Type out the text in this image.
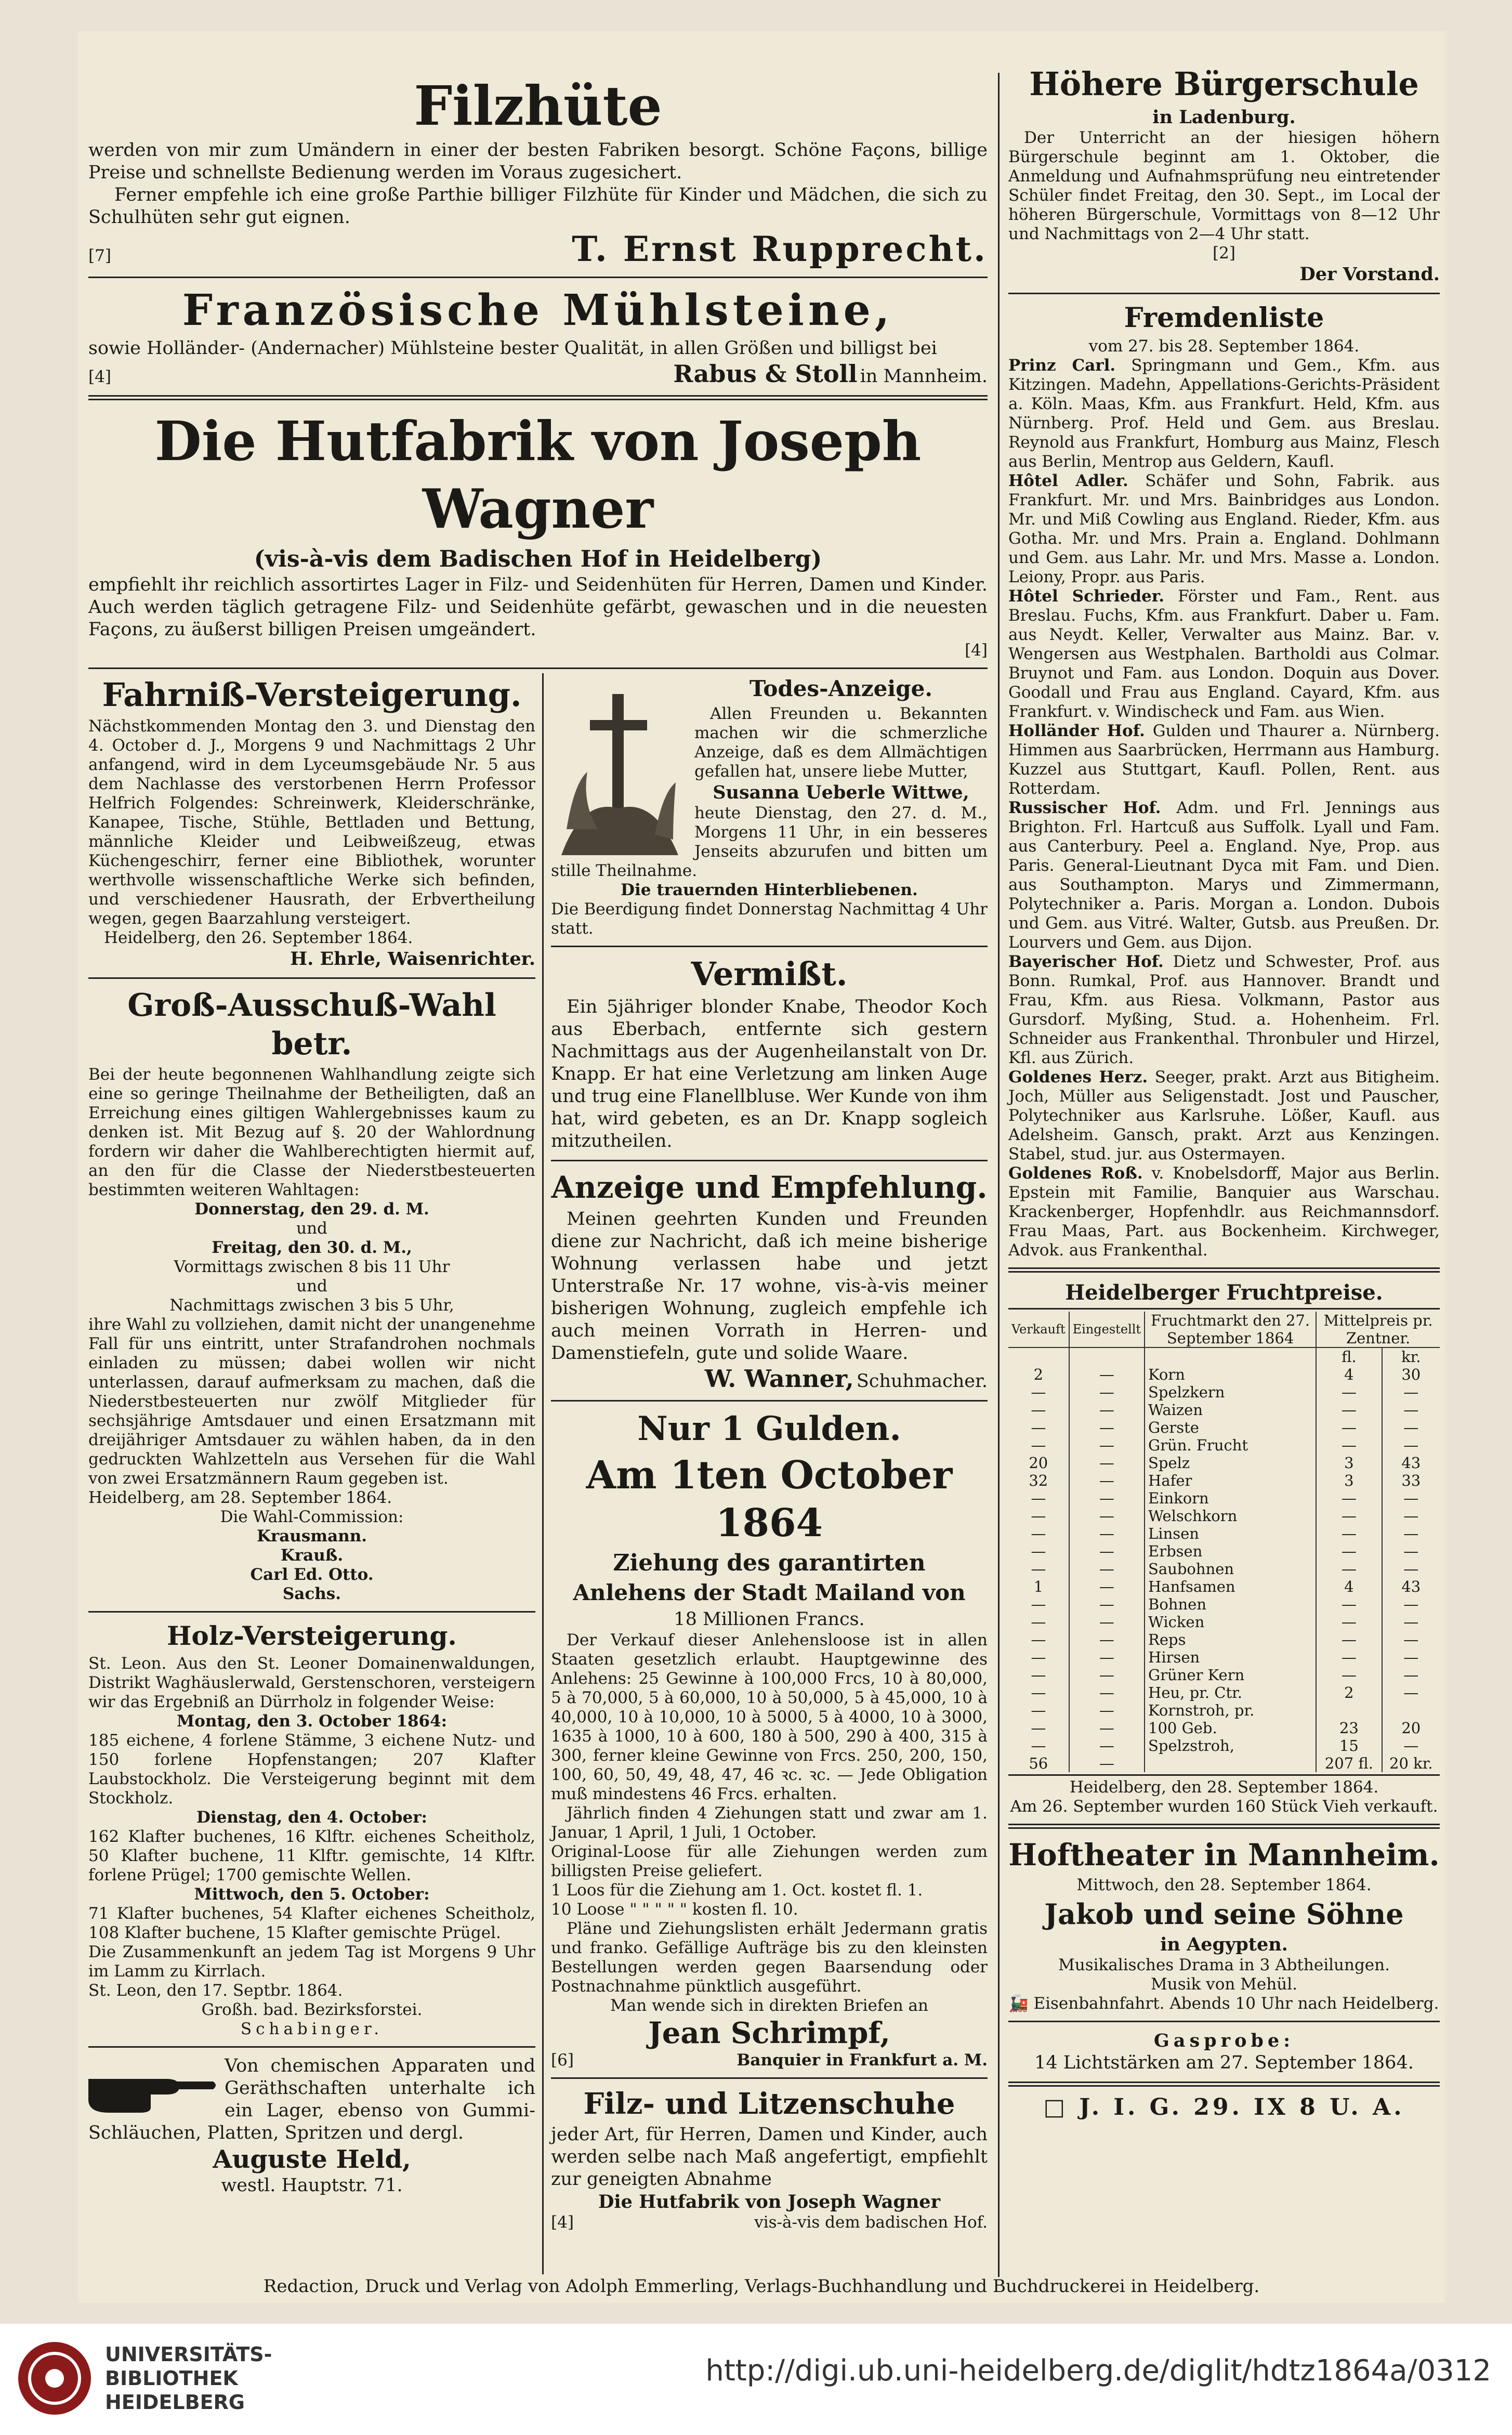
Filzhüte

werden von mir zum Umändern in einer der besten Fabriken besorgt. Schöne Façons, billige Preise und schnellste Bedienung werden im Voraus zugesichert.

Ferner empfehle ich eine große Parthie billiger Filzhüte für Kinder und Mädchen, die sich zu Schulhüten sehr gut eignen.

[7]	T. Ernst Rupprecht.
Französische Mühlsteine,

sowie Holländer- (Andernacher) Mühlsteine bester Qualität, in allen Größen und billigst bei

[4]	Rabus & Stoll in Mannheim.
Die Hutfabrik von Joseph Wagner
(vis-à-vis dem Badischen Hof in Heidelberg)

empfiehlt ihr reichlich assortirtes Lager in Filz- und Seidenhüten für Herren, Damen und Kinder. Auch werden täglich getragene Filz- und Seidenhüte gefärbt, gewaschen und in die neuesten Façons, zu äußerst billigen Preisen umgeändert.

[4]
Fahrniß-Versteigerung.

Nächstkommenden Montag den 3. und Dienstag den 4. October d. J., Morgens 9 und Nachmittags 2 Uhr anfangend, wird in dem Lyceumsgebäude Nr. 5 aus dem Nachlasse des verstorbenen Herrn Professor Helfrich Folgendes: Schreinwerk, Kleiderschränke, Kanapee, Tische, Stühle, Bettladen und Bettung, männliche Kleider und Leibweißzeug, etwas Küchengeschirr, ferner eine Bibliothek, worunter werthvolle wissenschaftliche Werke sich befinden, und verschiedener Hausrath, der Erbvertheilung wegen, gegen Baarzahlung versteigert.

Heidelberg, den 26. September 1864.

H. Ehrle, Waisenrichter.
Groß-Ausschuß-Wahl betr.

Bei der heute begonnenen Wahlhandlung zeigte sich eine so geringe Theilnahme der Betheiligten, daß an Erreichung eines giltigen Wahlergebnisses kaum zu denken ist. Mit Bezug auf §. 20 der Wahlordnung fordern wir daher die Wahlberechtigten hiermit auf, an den für die Classe der Niederstbesteuerten bestimmten weiteren Wahltagen:

Donnerstag, den 29. d. M.
und
Freitag, den 30. d. M.,
Vormittags zwischen 8 bis 11 Uhr
und
Nachmittags zwischen 3 bis 5 Uhr,

ihre Wahl zu vollziehen, damit nicht der unangenehme Fall für uns eintritt, unter Strafandrohen nochmals einladen zu müssen; dabei wollen wir nicht unterlassen, darauf aufmerksam zu machen, daß die Niederstbesteuerten nur zwölf Mitglieder für sechsjährige Amtsdauer und einen Ersatzmann mit dreijähriger Amtsdauer zu wählen haben, da in den gedruckten Wahlzetteln aus Versehen für die Wahl von zwei Ersatzmännern Raum gegeben ist.

Heidelberg, am 28. September 1864.

Die Wahl-Commission:
Krausmann.
Krauß.
Carl Ed. Otto.
Sachs.
Holz-Versteigerung.

St. Leon. Aus den St. Leoner Domainenwaldungen, Distrikt Waghäuslerwald, Gerstenschoren, versteigern wir das Ergebniß an Dürrholz in folgender Weise:

Montag, den 3. October 1864:

185 eichene, 4 forlene Stämme, 3 eichene Nutz- und 150 forlene Hopfenstangen; 207 Klafter Laubstockholz. Die Versteigerung beginnt mit dem Stockholz.

Dienstag, den 4. October:

162 Klafter buchenes, 16 Klftr. eichenes Scheitholz, 50 Klafter buchene, 11 Klftr. gemischte, 14 Klftr. forlene Prügel; 1700 gemischte Wellen.

Mittwoch, den 5. October:

71 Klafter buchenes, 54 Klafter eichenes Scheitholz, 108 Klafter buchene, 15 Klafter gemischte Prügel.

Die Zusammenkunft an jedem Tag ist Morgens 9 Uhr im Lamm zu Kirrlach.

St. Leon, den 17. Septbr. 1864.

Großh. bad. Bezirksforstei.
Schabinger.

Von chemischen Apparaten und Geräthschaften unterhalte ich ein Lager, ebenso von Gummi-Schläuchen, Platten, Spritzen und dergl.

Auguste Held,
westl. Hauptstr. 71.
Todes-Anzeige.

Allen Freunden u. Bekannten machen wir die schmerzliche Anzeige, daß es dem Allmächtigen gefallen hat, unsere liebe Mutter,

Susanna Ueberle Wittwe,

heute Dienstag, den 27. d. M., Morgens 11 Uhr, in ein besseres Jenseits abzurufen und bitten um stille Theilnahme.

Die trauernden Hinterbliebenen.

Die Beerdigung findet Donnerstag Nachmittag 4 Uhr statt.

Vermißt.

Ein 5jähriger blonder Knabe, Theodor Koch aus Eberbach, entfernte sich gestern Nachmittags aus der Augenheilanstalt von Dr. Knapp. Er hat eine Verletzung am linken Auge und trug eine Flanellbluse. Wer Kunde von ihm hat, wird gebeten, es an Dr. Knapp sogleich mitzutheilen.

Anzeige und Empfehlung.

Meinen geehrten Kunden und Freunden diene zur Nachricht, daß ich meine bisherige Wohnung verlassen habe und jetzt Unterstraße Nr. 17 wohne, vis-à-vis meiner bisherigen Wohnung, zugleich empfehle ich auch meinen Vorrath in Herren- und Damenstiefeln, gute und solide Waare.

W. Wanner, Schuhmacher.
Nur 1 Gulden.
Am 1ten October 1864
Ziehung des garantirten
Anlehens der Stadt Mailand von
18 Millionen Francs.

Der Verkauf dieser Anlehensloose ist in allen Staaten gesetzlich erlaubt. Hauptgewinne des Anlehens: 25 Gewinne à 100,000 Frcs, 10 à 80,000, 5 à 70,000, 5 à 60,000, 10 à 50,000, 5 à 45,000, 10 à 40,000, 10 à 10,000, 10 à 5000, 5 à 4000, 10 à 3000, 1635 à 1000, 10 à 600, 180 à 500, 290 à 400, 315 à 300, ferner kleine Gewinne von Frcs. 250, 200, 150, 100, 60, 50, 49, 48, 47, 46 ꝛc. ꝛc. — Jede Obligation muß mindestens 46 Frcs. erhalten.

Jährlich finden 4 Ziehungen statt und zwar am 1. Januar, 1 April, 1 Juli, 1 October.

Original-Loose für alle Ziehungen werden zum billigsten Preise geliefert.

1 Loos für die Ziehung am 1. Oct. kostet fl. 1.

10 Loose " " " " " kosten fl. 10.

Pläne und Ziehungslisten erhält Jedermann gratis und franko. Gefällige Aufträge bis zu den kleinsten Bestellungen werden gegen Baarsendung oder Postnachnahme pünktlich ausgeführt.

Man wende sich in direkten Briefen an

Jean Schrimpf,
[6]	Banquier in Frankfurt a. M.
Filz- und Litzenschuhe

jeder Art, für Herren, Damen und Kinder, auch werden selbe nach Maß angefertigt, empfiehlt zur geneigten Abnahme

Die Hutfabrik von Joseph Wagner
[4]	vis-à-vis dem badischen Hof.
Höhere Bürgerschule
in Ladenburg.

Der Unterricht an der hiesigen höhern Bürgerschule beginnt am 1. Oktober, die Anmeldung und Aufnahmsprüfung neu eintretender Schüler findet Freitag, den 30. Sept., im Local der höheren Bürgerschule, Vormittags von 8—12 Uhr und Nachmittags von 2—4 Uhr statt.

[2]
Der Vorstand.
Fremdenliste
vom 27. bis 28. September 1864.

Prinz Carl. Springmann und Gem., Kfm. aus Kitzingen. Madehn, Appellations-Gerichts-Präsident a. Köln. Maas, Kfm. aus Frankfurt. Held, Kfm. aus Nürnberg. Prof. Held und Gem. aus Breslau. Reynold aus Frankfurt, Homburg aus Mainz, Flesch aus Berlin, Mentrop aus Geldern, Kaufl.

Hôtel Adler. Schäfer und Sohn, Fabrik. aus Frankfurt. Mr. und Mrs. Bainbridges aus London. Mr. und Miß Cowling aus England. Rieder, Kfm. aus Gotha. Mr. und Mrs. Prain a. England. Dohlmann und Gem. aus Lahr. Mr. und Mrs. Masse a. London. Leiony, Propr. aus Paris.

Hôtel Schrieder. Förster und Fam., Rent. aus Breslau. Fuchs, Kfm. aus Frankfurt. Daber u. Fam. aus Neydt. Keller, Verwalter aus Mainz. Bar. v. Wengersen aus Westphalen. Bartholdi aus Colmar. Bruynot und Fam. aus London. Doquin aus Dover. Goodall und Frau aus England. Cayard, Kfm. aus Frankfurt. v. Windischeck und Fam. aus Wien.

Holländer Hof. Gulden und Thaurer a. Nürnberg. Himmen aus Saarbrücken, Herrmann aus Hamburg. Kuzzel aus Stuttgart, Kaufl. Pollen, Rent. aus Rotterdam.

Russischer Hof. Adm. und Frl. Jennings aus Brighton. Frl. Hartcuß aus Suffolk. Lyall und Fam. aus Canterbury. Peel a. England. Nye, Prop. aus Paris. General-Lieutnant Dyca mit Fam. und Dien. aus Southampton. Marys und Zimmermann, Polytechniker a. Paris. Morgan a. London. Dubois und Gem. aus Vitré. Walter, Gutsb. aus Preußen. Dr. Lourvers und Gem. aus Dijon.

Bayerischer Hof. Dietz und Schwester, Prof. aus Bonn. Rumkal, Prof. aus Hannover. Brandt und Frau, Kfm. aus Riesa. Volkmann, Pastor aus Gursdorf. Myßing, Stud. a. Hohenheim. Frl. Schneider aus Frankenthal. Thronbuler und Hirzel, Kfl. aus Zürich.

Goldenes Herz. Seeger, prakt. Arzt aus Bitigheim. Joch, Müller aus Seligenstadt. Jost und Pauscher, Polytechniker aus Karlsruhe. Lößer, Kaufl. aus Adelsheim. Gansch, prakt. Arzt aus Kenzingen. Stabel, stud. jur. aus Ostermayen.

Goldenes Roß. v. Knobelsdorff, Major aus Berlin. Epstein mit Familie, Banquier aus Warschau. Krackenberger, Hopfenhdlr. aus Reichmannsdorf. Frau Maas, Part. aus Bockenheim. Kirchweger, Advok. aus Frankenthal.

Heidelberger Fruchtpreise.
Verkauft	Eingestellt	Fruchtmarkt den 27. September 1864	Mittelpreis pr. Zentner.	
			fl.	kr.
2	—	Korn	4	30
—	—	Spelzkern	—	—
—	—	Waizen	—	—
—	—	Gerste	—	—
—	—	Grün. Frucht	—	—
20	—	Spelz	3	43
32	—	Hafer	3	33
—	—	Einkorn	—	—
—	—	Welschkorn	—	—
—	—	Linsen	—	—
—	—	Erbsen	—	—
—	—	Saubohnen	—	—
1	—	Hanfsamen	4	43
—	—	Bohnen	—	—
—	—	Wicken	—	—
—	—	Reps	—	—
—	—	Hirsen	—	—
—	—	Grüner Kern	—	—
—	—	Heu, pr. Ctr.	2	—
—	—	Kornstroh, pr.		
—	—	100 Geb.	23	20
—	—	Spelzstroh,	15	—
56	—		207 fl.	20 kr.
Heidelberg, den 28. September 1864.
Am 26. September wurden 160 Stück Vieh verkauft.
Hoftheater in Mannheim.
Mittwoch, den 28. September 1864.
Jakob und seine Söhne
in Aegypten.
Musikalisches Drama in 3 Abtheilungen.
Musik von Mehül.

🚂 Eisenbahnfahrt. Abends 10 Uhr nach Heidelberg.

Gasprobe:
14 Lichtstärken am 27. September 1864.
□ J. I. G. 29. IX 8 U. A.
Redaction, Druck und Verlag von Adolph Emmerling, Verlags-Buchhandlung und Buchdruckerei in Heidelberg.
UNIVERSITÄTS-
BIBLIOTHEK
HEIDELBERG
http://digi.ub.uni-heidelberg.de/diglit/hdtz1864a/0312
